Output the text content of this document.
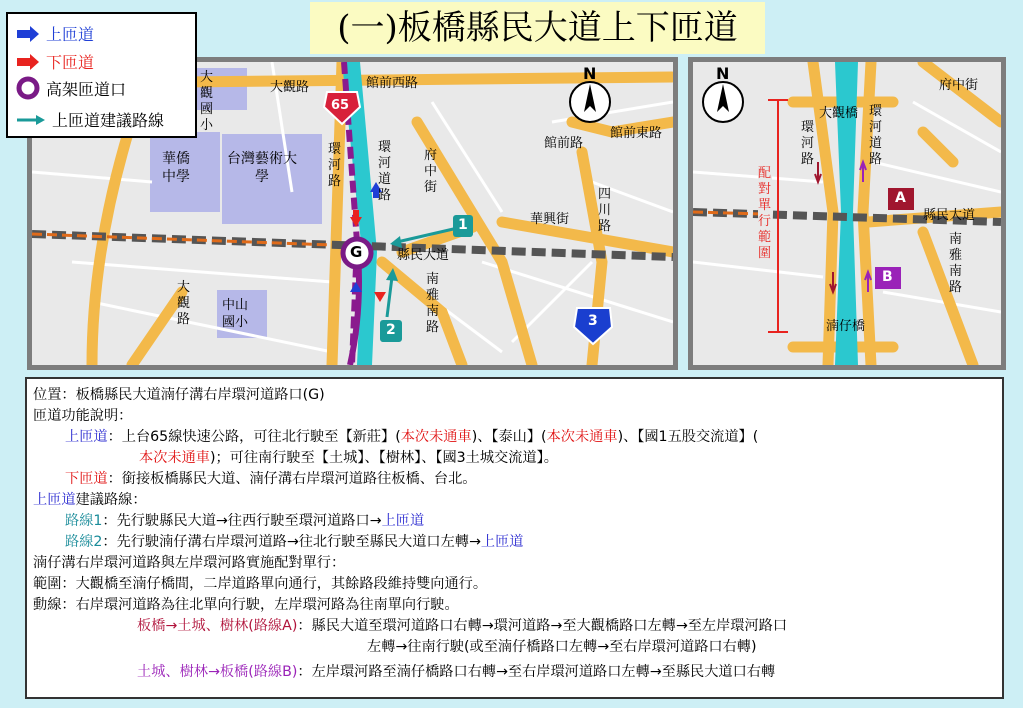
(一)板橋縣民大道上下匝道
上匝道
下匝道
高架匝道口
上匝道建議路線
大觀國小
華僑中學
台灣藝術大學
中山國小
大觀路	館前西路
環河路
環河道路
館前路
館前東路
華興街
四川路
縣民大道
南雅南路
大觀路
府中街
65
3
G
1
2
N
大觀橋
環河路
環河道路
縣民大道
南雅南路
湳仔橋
府中街
配對單行範圍
A
B
N
位置：板橋縣民大道湳仔溝右岸環河道路口(G)
匝道功能說明：
上匝道：上台65線快速公路，可往北行駛至【新莊】(本次未通車)、【泰山】(本次未通車)、【國1五股交流道】(
本次未通車)；可往南行駛至【土城】、【樹林】、【國3土城交流道】。
下匝道：銜接板橋縣民大道、湳仔溝右岸環河道路往板橋、台北。
上匝道建議路線：
路線1：先行駛縣民大道→往西行駛至環河道路口→上匝道
路線2：先行駛湳仔溝右岸環河道路→往北行駛至縣民大道口左轉→上匝道
湳仔溝右岸環河道路與左岸環河路實施配對單行：
範圍：大觀橋至湳仔橋間，二岸道路單向通行，其餘路段維持雙向通行。
動線：右岸環河道路為往北單向行駛，左岸環河路為往南單向行駛。
板橋→土城、樹林(路線A)：縣民大道至環河道路口右轉→環河道路→至大觀橋路口左轉→至左岸環河路口
左轉→往南行駛(或至湳仔橋路口左轉→至右岸環河道路口右轉)
土城、樹林→板橋(路線B)：左岸環河路至湳仔橋路口右轉→至右岸環河道路口左轉→至縣民大道口右轉
